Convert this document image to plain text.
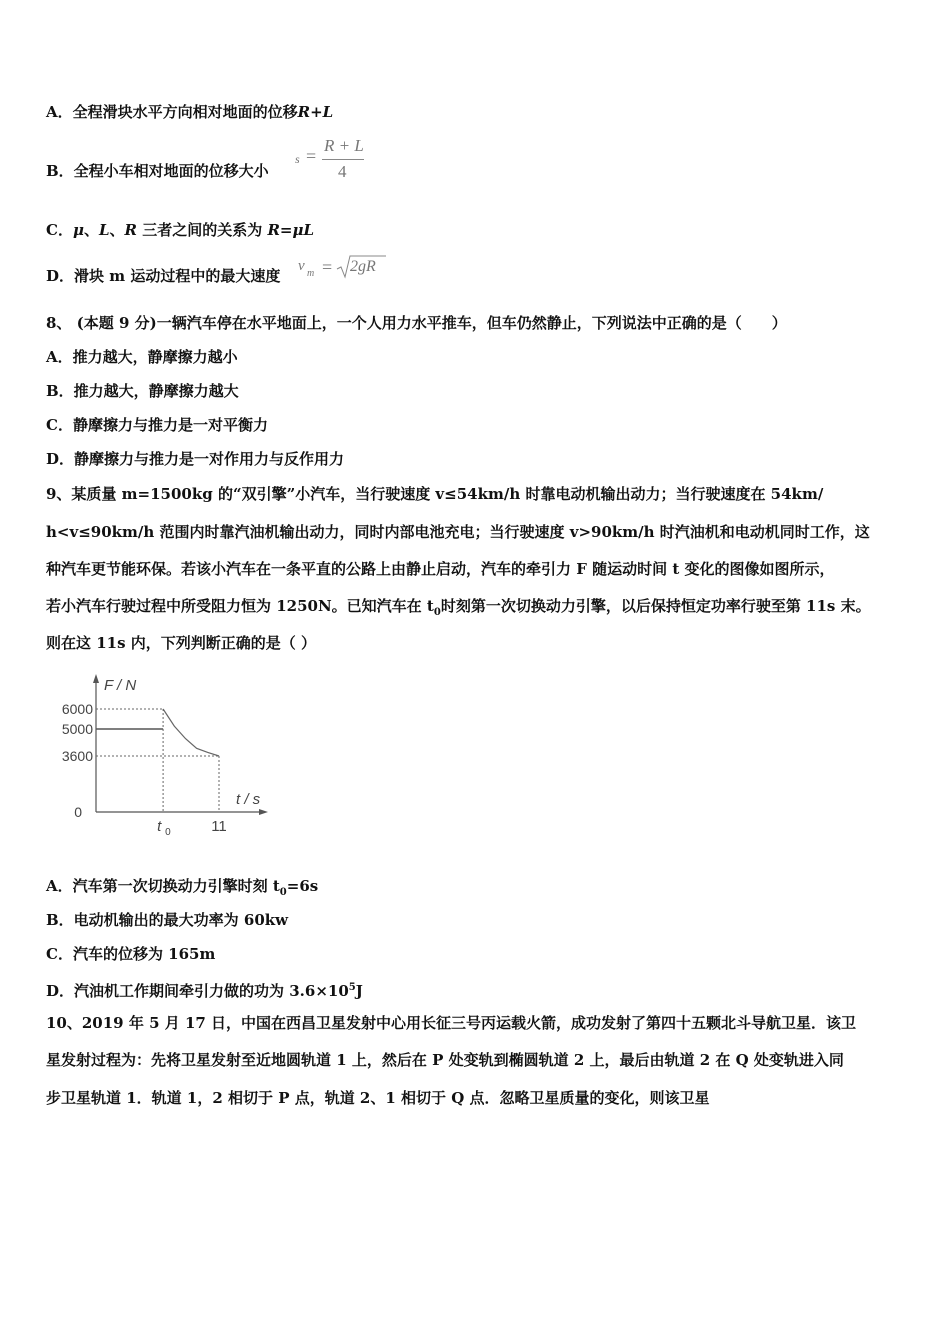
A．全程滑块水平方向相对地面的位移R+L
B．全程小车相对地面的位移大小
s =
R + L
4
C．μ、L、R 三者之间的关系为 R=μL
D．滑块 m 运动过程中的最大速度
v m = 2gR
8、 (本题 9 分)一辆汽车停在水平地面上，一个人用力水平推车，但车仍然静止，下列说法中正确的是（　　）
A．推力越大，静摩擦力越小
B．推力越大，静摩擦力越大
C．静摩擦力与推力是一对平衡力
D．静摩擦力与推力是一对作用力与反作用力
9、某质量 m=1500kg 的“双引擎”小汽车，当行驶速度 v≤54km/h 时靠电动机输出动力；当行驶速度在 54km/
h<v≤90km/h 范围内时靠汽油机输出动力，同时内部电池充电；当行驶速度 v>90km/h 时汽油机和电动机同时工作，这
种汽车更节能环保。若该小汽车在一条平直的公路上由静止启动，汽车的牵引力 F 随运动时间 t 变化的图像如图所示，
若小汽车行驶过程中所受阻力恒为 1250N。已知汽车在 $t_0$时刻第一次切换动力引擎，以后保持恒定功率行驶至第 11s 末。
则在这 11s 内，下列判断正确的是（ ）
F / N
t / s
6000
5000
3600
0
t 0	11
A．汽车第一次切换动力引擎时刻 $t_0=6s$
B．电动机输出的最大功率为 60kw
C．汽车的位移为 165m
D．汽油机工作期间牵引力做的功为 $3.6\times 10^5J$
10、2019 年 5 月 17 日，中国在西昌卫星发射中心用长征三号丙运载火箭，成功发射了第四十五颗北斗导航卫星．该卫
星发射过程为：先将卫星发射至近地圆轨道 1 上，然后在 P 处变轨到椭圆轨道 2 上，最后由轨道 2 在 Q 处变轨进入同
步卫星轨道 1．轨道 1，2 相切于 P 点，轨道 2、1 相切于 Q 点．忽略卫星质量的变化，则该卫星
